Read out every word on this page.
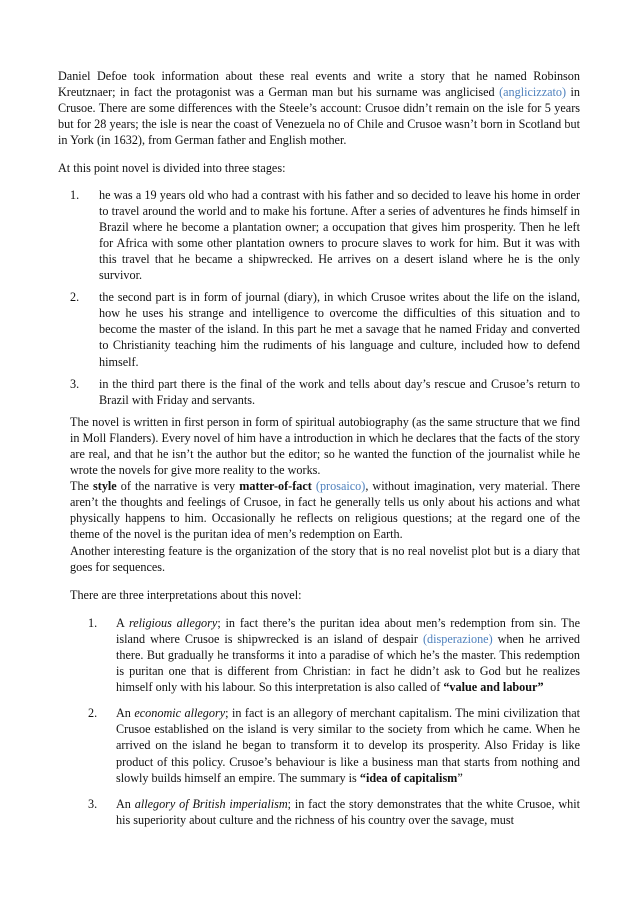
Daniel Defoe took information about these real events and write a story that he named Robinson Kreutznaer; in fact the protagonist was a German man but his surname was anglicised (anglicizzato) in Crusoe. There are some differences with the Steele’s account: Crusoe didn’t remain on the isle for 5 years but for 28 years; the isle is near the coast of Venezuela no of Chile and Crusoe wasn’t born in Scotland but in York (in 1632), from German father and English mother.

At this point novel is divided into three stages:

1. he was a 19 years old who had a contrast with his father and so decided to leave his home in order to travel around the world and to make his fortune. After a series of adventures he finds himself in Brazil where he become a plantation owner; a occupation that gives him prosperity. Then he left for Africa with some other plantation owners to procure slaves to work for him. But it was with this travel that he became a shipwrecked. He arrives on a desert island where he is the only survivor.
2. the second part is in form of journal (diary), in which Crusoe writes about the life on the island, how he uses his strange and intelligence to overcome the difficulties of this situation and to become the master of the island. In this part he met a savage that he named Friday and converted to Christianity teaching him the rudiments of his language and culture, included how to defend himself.
3. in the third part there is the final of the work and tells about day’s rescue and Crusoe’s return to Brazil with Friday and servants.

The novel is written in first person in form of spiritual autobiography (as the same structure that we find in Moll Flanders). Every novel of him have a introduction in which he declares that the facts of the story are real, and that he isn’t the author but the editor; so he wanted the function of the journalist while he wrote the novels for give more reality to the works.

The style of the narrative is very matter-of-fact (prosaico), without imagination, very material. There aren’t the thoughts and feelings of Crusoe, in fact he generally tells us only about his actions and what physically happens to him. Occasionally he reflects on religious questions; at the regard one of the theme of the novel is the puritan idea of men’s redemption on Earth.

Another interesting feature is the organization of the story that is no real novelist plot but is a diary that goes for sequences.

There are three interpretations about this novel:

1. A religious allegory; in fact there’s the puritan idea about men’s redemption from sin. The island where Crusoe is shipwrecked is an island of despair (disperazione) when he arrived there. But gradually he transforms it into a paradise of which he’s the master. This redemption is puritan one that is different from Christian: in fact he didn’t ask to God but he realizes himself only with his labour. So this interpretation is also called of “value and labour”
2. An economic allegory; in fact is an allegory of merchant capitalism. The mini civilization that Crusoe established on the island is very similar to the society from which he came. When he arrived on the island he began to transform it to develop its prosperity. Also Friday is like product of this policy. Crusoe’s behaviour is like a business man that starts from nothing and slowly builds himself an empire. The summary is “idea of capitalism”
3. An allegory of British imperialism; in fact the story demonstrates that the white Crusoe, whit his superiority about culture and the richness of his country over the savage, must
